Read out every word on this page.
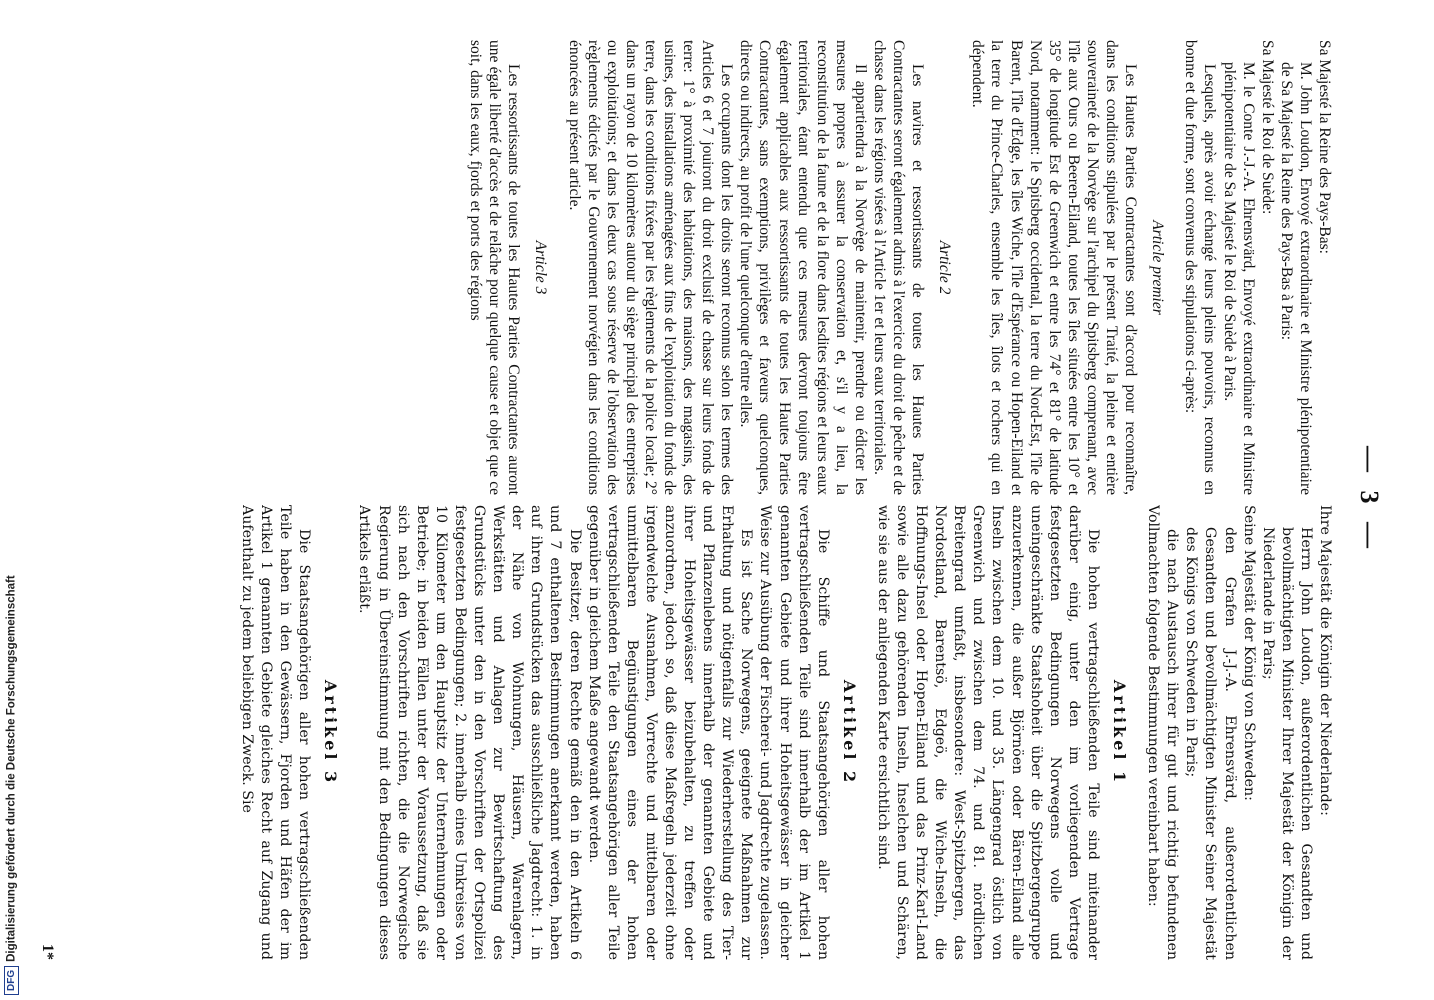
— 3 —

Sa Majesté la Reine des Pays-Bas:

M. John Loudon, Envoyé extraordinaire et Ministre plénipotentiaire de Sa Majesté la Reine des Pays-Bas à Paris:

Sa Majesté le Roi de Suède:

M. le Conte J.-J.-A. Ehrensvärd, Envoyé extraordinaire et Ministre plénipotentiaire de Sa Majesté le Roi de Suède à Paris.

Lesquels, après avoir échangé leurs pleins pouvoirs, reconnus en bonne et due forme, sont convenus des stipulations ci-après:

Article premier

Les Hautes Parties Contractantes sont d'accord pour reconnaître, dans les conditions stipulées par le présent Traité, la pleine et entière souveraineté de la Norvège sur l'archipel du Spitsberg comprenant, avec l'île aux Ours ou Beeren-Eiland, toutes les îles situées entre les 10° et 35° de longitude Est de Greenwich et entre les 74° et 81° de latitude Nord, notamment: le Spitsberg occidental, la terre du Nord-Est, l'île de Barent, l'île d'Edge, les îles Wiche, l'île d'Espérance ou Hopen-Eiland et la terre du Prince-Charles, ensemble les îles, îlots et rochers qui en dépendent.

Article 2

Les navires et ressortissants de toutes les Hautes Parties Contractantes seront également admis à l'exercice du droit de pêche et de chasse dans les régions visées à l'Article 1er et leurs eaux territoriales.

Il appartiendra à la Norvège de maintenir, prendre ou édicter les mesures propres à assurer la conservation et, s'il y a lieu, la reconstitution de la faune et de la flore dans lesdites régions et leurs eaux territoriales, étant entendu que ces mesures devront toujours être également applicables aux ressortissants de toutes les Hautes Parties Contractantes, sans exemptions, privilèges et faveurs quelconques, directs ou indirects, au profit de l'une quelconque d'entre elles.

Les occupants dont les droits seront reconnus selon les termes des Articles 6 et 7 jouiront du droit exclusif de chasse sur leurs fonds de terre: 1° à proximité des habitations, des maisons, des magasins, des usines, des installations aménagées aux fins de l'exploitation du fonds de terre, dans les conditions fixées par les règlements de la police locale; 2° dans un rayon de 10 kilomètres autour du siège principal des entreprises ou exploitations; et dans les deux cas sous réserve de l'observation des règlements édictés par le Gouvernement norvégien dans les conditions énoncées au présent article.

Article 3

Les ressortissants de toutes les Hautes Parties Contractantes auront une égale liberté d'accès et de relâche pour quelque cause et objet que ce soit, dans les eaux, fjords et ports des régions

Ihre Majestät die Königin der Niederlande:

Herrn John Loudon, außerordentlichen Gesandten und bevollmächtigten Minister Ihrer Majestät der Königin der Niederlande in Paris;

Seine Majestät der König von Schweden:

den Grafen J.-J.-A. Ehrensvärd, außerordentlichen Gesandten und bevollmächtigten Minister Seiner Majestät des Königs von Schweden in Paris;

die nach Austausch ihrer für gut und richtig befundenen Vollmachten folgende Bestimmungen vereinbart haben:

Artikel 1

Die hohen vertragschließenden Teile sind miteinander darüber einig, unter den im vorliegenden Vertrage festgesetzten Bedingungen Norwegens volle und uneingeschränkte Staatshoheit über die Spitzbergengruppe anzuerkennen, die außer Björnöen oder Bären-Eiland alle Inseln zwischen dem 10. und 35. Längengrad östlich von Greenwich und zwischen dem 74. und 81. nördlichen Breitengrad umfaßt, insbesondere: West-Spitzbergen, das Nordostland, Barentsö, Edgeö, die Wiche-Inseln, die Hoffnungs-Insel oder Hopen-Eiland und das Prinz-Karl-Land sowie alle dazu gehörenden Inseln, Inselchen und Schären, wie sie aus der anliegenden Karte ersichtlich sind.

Artikel 2

Die Schiffe und Staatsangehörigen aller hohen vertragschließenden Teile sind innerhalb der im Artikel 1 genannten Gebiete und ihrer Hoheitsgewässer in gleicher Weise zur Ausübung der Fischerei- und Jagdrechte zugelassen.

Es ist Sache Norwegens, geeignete Maßnahmen zur Erhaltung und nötigenfalls zur Wiederherstellung des Tier- und Pflanzenlebens innerhalb der genannten Gebiete und ihrer Hoheitsgewässer beizubehalten, zu treffen oder anzuordnen, jedoch so, daß diese Maßregeln jederzeit ohne irgendwelche Ausnahmen, Vorrechte und mittelbaren oder unmittelbaren Begünstigungen eines der hohen vertragschließenden Teile den Staatsangehörigen aller Teile gegenüber in gleichem Maße angewandt werden.

Die Besitzer, deren Rechte gemäß den in den Artikeln 6 und 7 enthaltenen Bestimmungen anerkannt werden, haben auf ihren Grundstücken das ausschließliche Jagdrecht: 1. in der Nähe von Wohnungen, Häusern, Warenlagern, Werkstätten und Anlagen zur Bewirtschaftung des Grundstücks unter den in den Vorschriften der Ortspolizei festgesetzten Bedingungen; 2. innerhalb eines Umkreises von 10 Kilometer um den Hauptsitz der Unternehmungen oder Betriebe; in beiden Fällen unter der Voraussetzung, daß sie sich nach den Vorschriften richten, die die Norwegische Regierung in Übereinstimmung mit den Bedingungen dieses Artikels erläßt.

Artikel 3

Die Staatsangehörigen aller hohen vertragschließenden Teile haben in den Gewässern, Fjorden und Häfen der im Artikel 1 genannten Gebiete gleiches Recht auf Zugang und Aufenthalt zu jedem beliebigen Zweck. Sie

1*
DFGDigitalisierung gefördert durch die Deutsche Forschungsgemeinschaft
